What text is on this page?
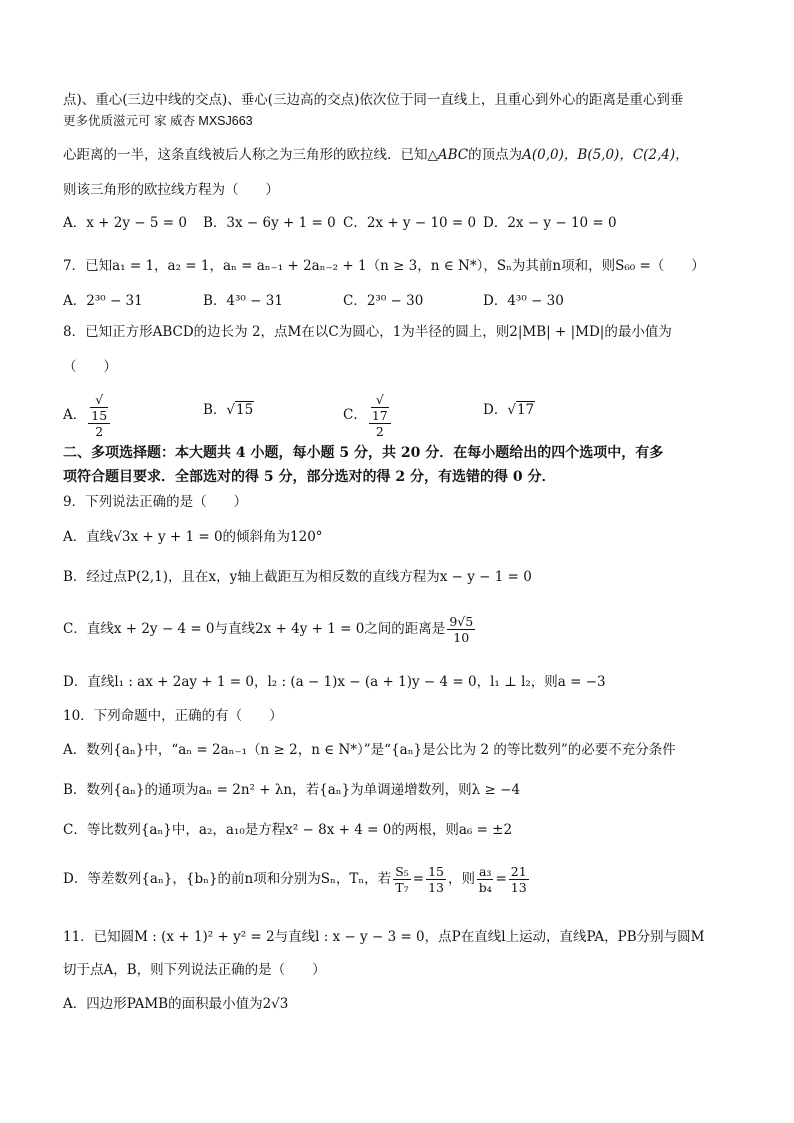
点)、重心(三边中线的交点)、垂心(三边高的交点)依次位于同一直线上，且重心到外心的距离是重心到垂
更多优质滋元可 家 威杏 MXSJ663
心距离的一半，这条直线被后人称之为三角形的欧拉线．已知△ABC的顶点为A(0,0)，B(5,0)，C(2,4)，
则该三角形的欧拉线方程为（　　）
A．x + 2y − 5 = 0 B．3x − 6y + 1 = 0 C．2x + y − 10 = 0 D．2x − y − 10 = 0
7．已知a₁ = 1，a₂ = 1，aₙ = aₙ₋₁ + 2aₙ₋₂ + 1（n ≥ 3，n ∈ N*），Sₙ为其前n项和，则S₆₀ =（　　）
A．2³⁰ − 31	B．4³⁰ − 31	C．2³⁰ − 30	D．4³⁰ − 30
8．已知正方形ABCD的边长为 2，点M在以C为圆心，1为半径的圆上，则2|MB| + |MD|的最小值为
（　　）
A． √
15
2	B．√15	C． √
17
2	D．√17
二、多项选择题：本大题共 4 小题，每小题 5 分，共 20 分．在每小题给出的四个选项中，有多
项符合题目要求．全部选对的得 5 分，部分选对的得 2 分，有选错的得 0 分．
9．下列说法正确的是（　　）
A．直线√3x + y + 1 = 0的倾斜角为120°
B．经过点P(2,1)，且在x，y轴上截距互为相反数的直线方程为x − y − 1 = 0
C．直线x + 2y − 4 = 0与直线2x + 4y + 1 = 0之间的距离是 $\frac{9√5}{10}$
D．直线l₁ : ax + 2ay + 1 = 0，l₂ : (a − 1)x − (a + 1)y − 4 = 0，l₁ ⊥ l₂，则a = −3
10．下列命题中，正确的有（　　）
A．数列{aₙ}中，“aₙ = 2aₙ₋₁（n ≥ 2，n ∈ N*）”是“{aₙ}是公比为 2 的等比数列”的必要不充分条件
B．数列{aₙ}的通项为aₙ = 2n² + λn，若{aₙ}为单调递增数列，则λ ≥ −4
C．等比数列{aₙ}中，a₂，a₁₀是方程x² − 8x + 4 = 0的两根，则a₆ = ±2
D．等差数列{aₙ}，{bₙ}的前n项和分别为Sₙ，Tₙ，若 $\frac{\text{S₅}}{\text{T₇}} = \frac{15}{13}$ ，则 $\frac{\text{a₃}}{\text{b₄}} = \frac{21}{13}$
11．已知圆M : (x + 1)² + y² = 2与直线l : x − y − 3 = 0，点P在直线l上运动，直线PA，PB分别与圆M
切于点A，B，则下列说法正确的是（　　）
A．四边形PAMB的面积最小值为2√3
